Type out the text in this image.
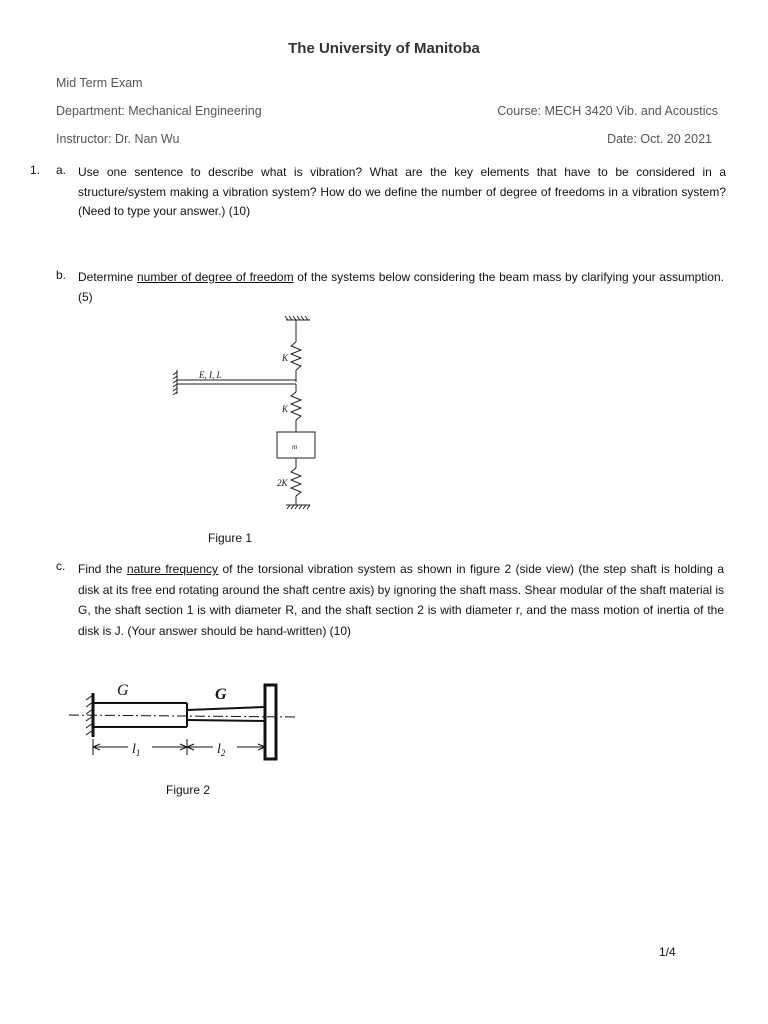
The University of Manitoba
Mid Term Exam
Department: Mechanical Engineering	Course: MECH 3420 Vib. and Acoustics
Instructor: Dr. Nan Wu	Date: Oct. 20 2021
1. a. Use one sentence to describe what is vibration? What are the key elements that have to be considered in a structure/system making a vibration system? How do we define the number of degree of freedoms in a vibration system? (Need to type your answer.) (10)
b. Determine number of degree of freedom of the systems below considering the beam mass by clarifying your assumption. (5)
K
E, I, L
K
m
2K
Figure 1
c. Find the nature frequency of the torsional vibration system as shown in figure 2 (side view) (the step shaft is holding a disk at its free end rotating around the shaft centre axis) by ignoring the shaft mass. Shear modular of the shaft material is G, the shaft section 1 is with diameter R, and the shaft section 2 is with diameter r, and the mass motion of inertia of the disk is J. (Your answer should be hand-written) (10)
G	G
$l_1$	$l_2$
Figure 2
1/4
